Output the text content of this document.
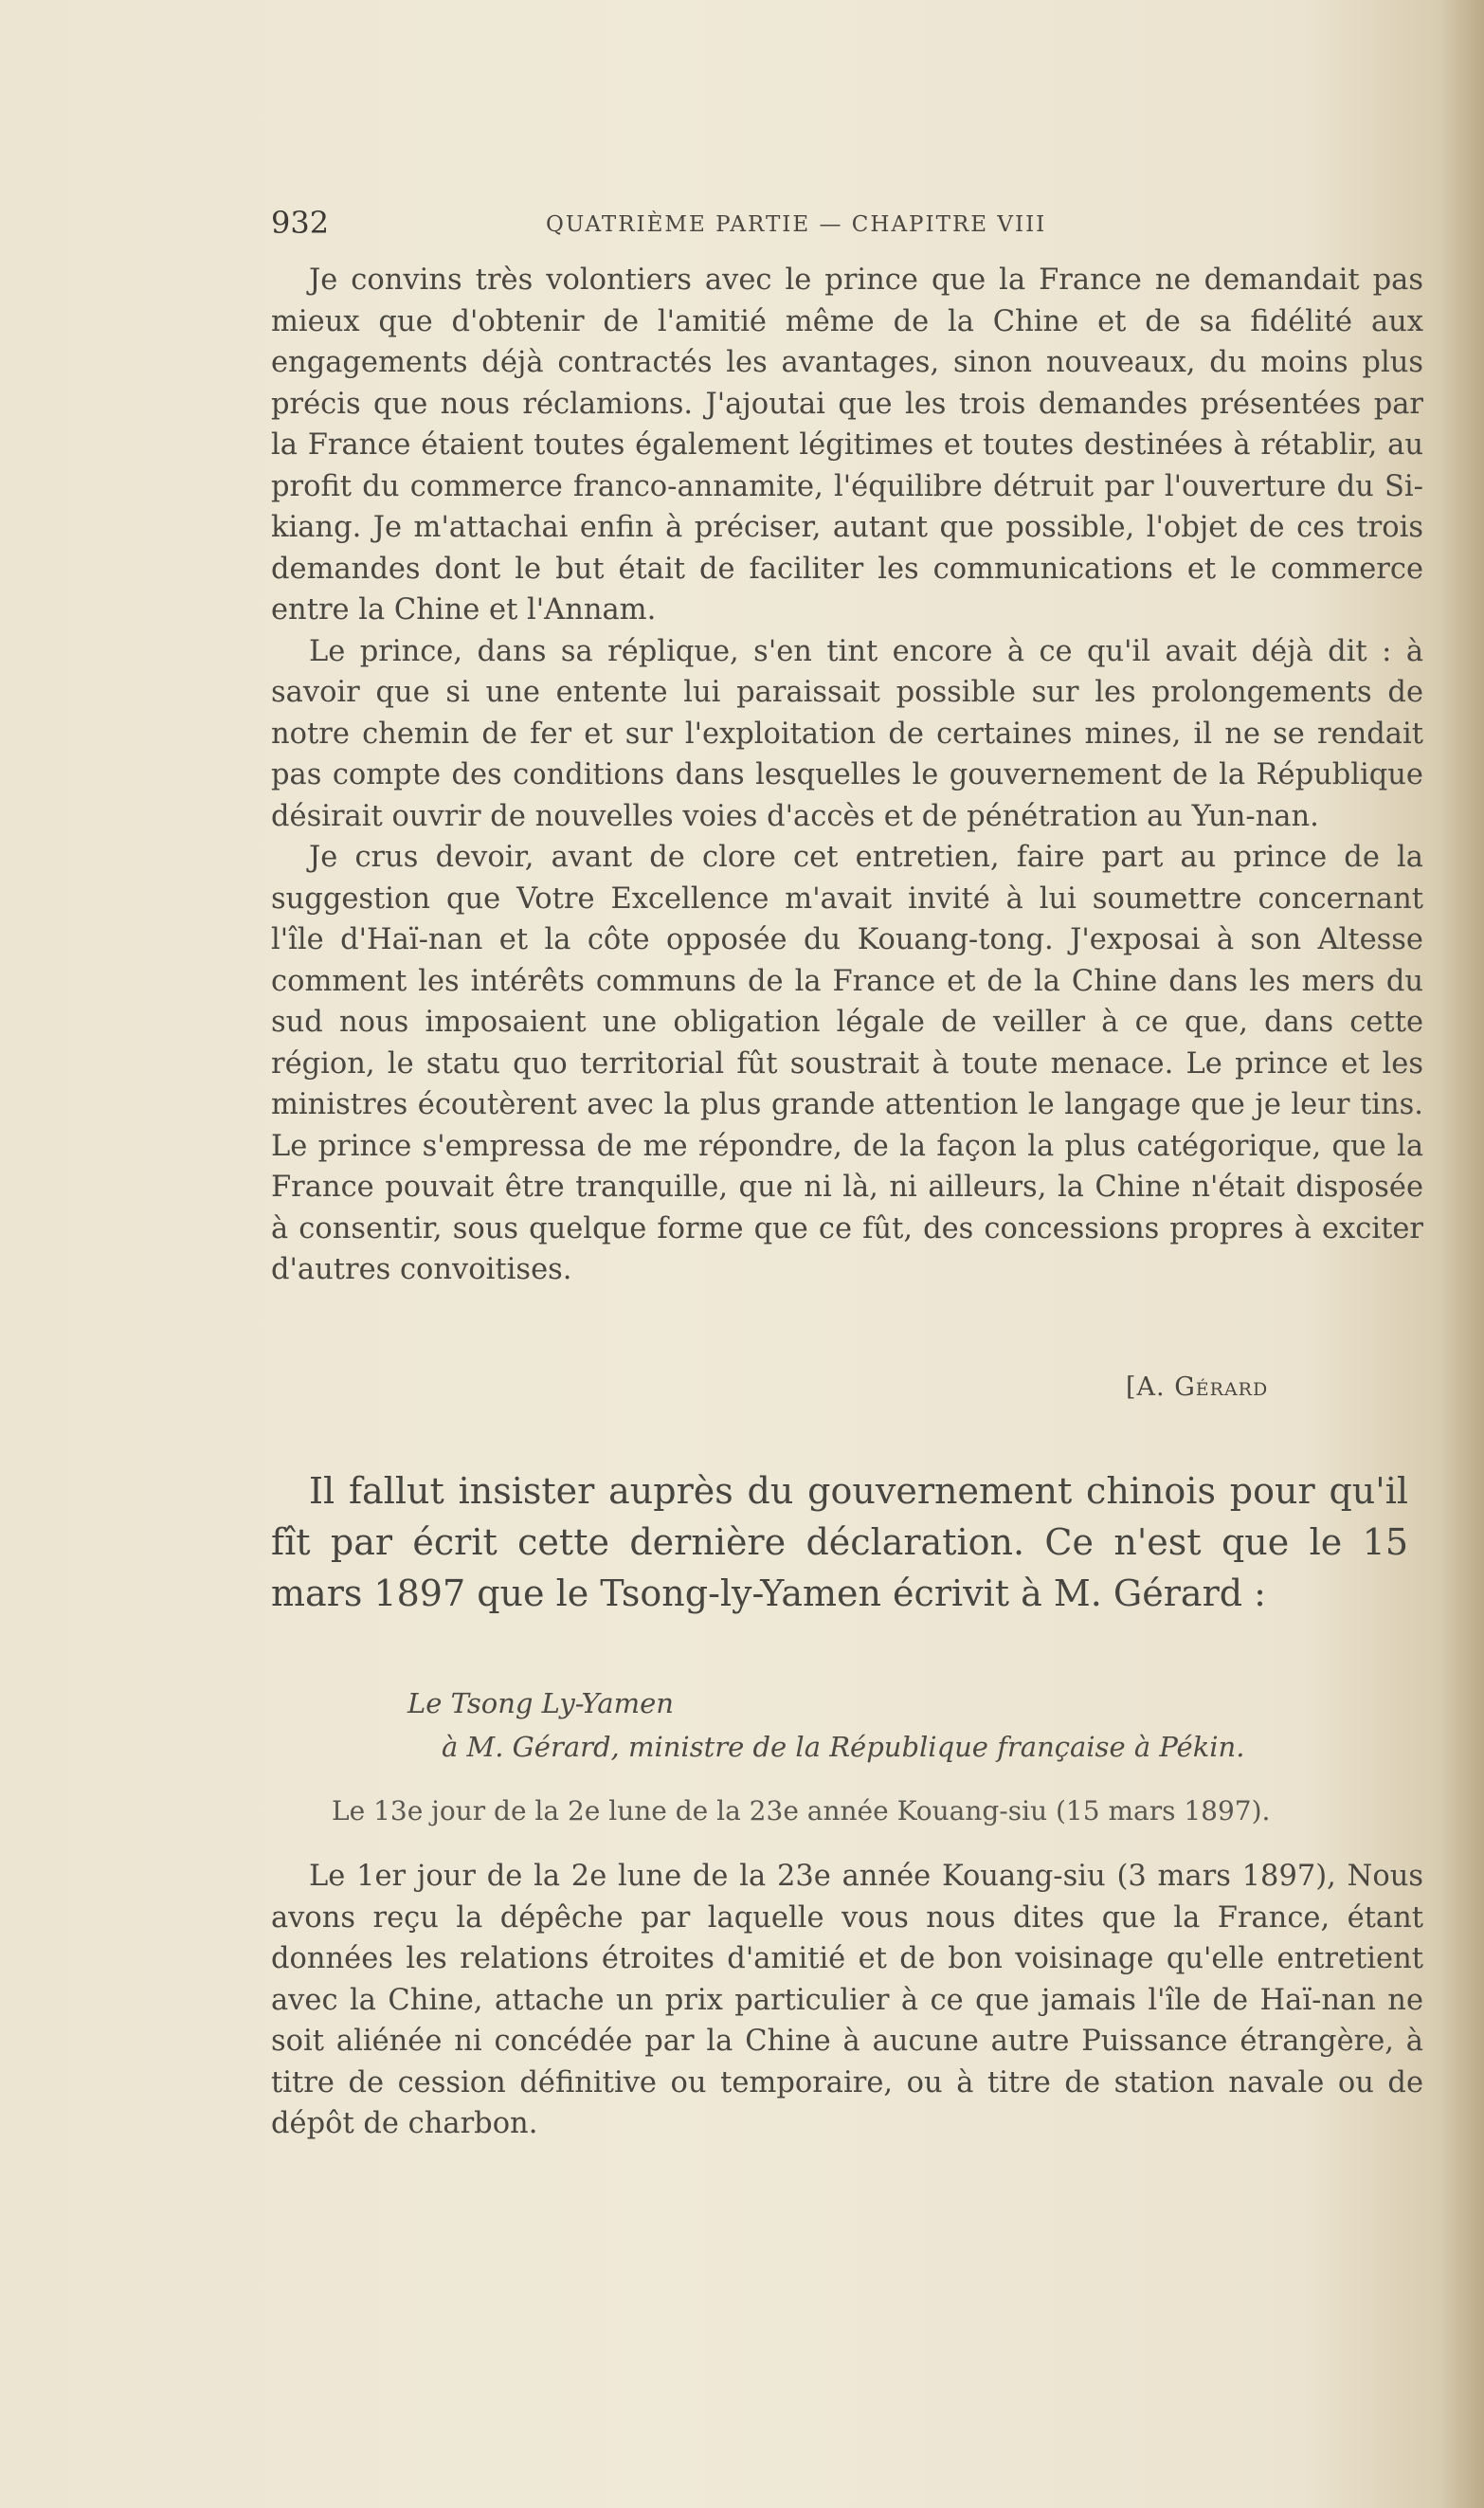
932	QUATRIÈME PARTIE — CHAPITRE VIII

Je convins très volontiers avec le prince que la France ne demandait pas mieux que d'obtenir de l'amitié même de la Chine et de sa fidélité aux engagements déjà contractés les avantages, sinon nouveaux, du moins plus précis que nous réclamions. J'ajoutai que les trois demandes présentées par la France étaient toutes également légitimes et toutes destinées à rétablir, au profit du commerce franco-annamite, l'équilibre détruit par l'ouverture du Si-kiang. Je m'attachai enfin à préciser, autant que possible, l'objet de ces trois demandes dont le but était de faciliter les communications et le commerce entre la Chine et l'Annam.

Le prince, dans sa réplique, s'en tint encore à ce qu'il avait déjà dit : à savoir que si une entente lui paraissait possible sur les prolongements de notre chemin de fer et sur l'exploitation de certaines mines, il ne se rendait pas compte des conditions dans lesquelles le gouvernement de la République désirait ouvrir de nouvelles voies d'accès et de pénétration au Yun-nan.

Je crus devoir, avant de clore cet entretien, faire part au prince de la suggestion que Votre Excellence m'avait invité à lui soumettre concernant l'île d'Haï-nan et la côte opposée du Kouang-tong. J'exposai à son Altesse comment les intérêts communs de la France et de la Chine dans les mers du sud nous imposaient une obligation légale de veiller à ce que, dans cette région, le statu quo territorial fût soustrait à toute menace. Le prince et les ministres écoutèrent avec la plus grande attention le langage que je leur tins. Le prince s'empressa de me répondre, de la façon la plus catégorique, que la France pouvait être tranquille, que ni là, ni ailleurs, la Chine n'était disposée à consentir, sous quelque forme que ce fût, des concessions propres à exciter d'autres convoitises.

[A. Gérard

Il fallut insister auprès du gouvernement chinois pour qu'il fît par écrit cette dernière déclaration. Ce n'est que le 15 mars 1897 que le Tsong-ly-Yamen écrivit à M. Gérard :

Le Tsong Ly-Yamen
à M. Gérard, ministre de la République française à Pékin.
Le 13e jour de la 2e lune de la 23e année Kouang-siu (15 mars 1897).

Le 1er jour de la 2e lune de la 23e année Kouang-siu (3 mars 1897), Nous avons reçu la dépêche par laquelle vous nous dites que la France, étant données les relations étroites d'amitié et de bon voisinage qu'elle entretient avec la Chine, attache un prix particulier à ce que jamais l'île de Haï-nan ne soit aliénée ni concédée par la Chine à aucune autre Puissance étrangère, à titre de cession définitive ou temporaire, ou à titre de station navale ou de dépôt de charbon.
